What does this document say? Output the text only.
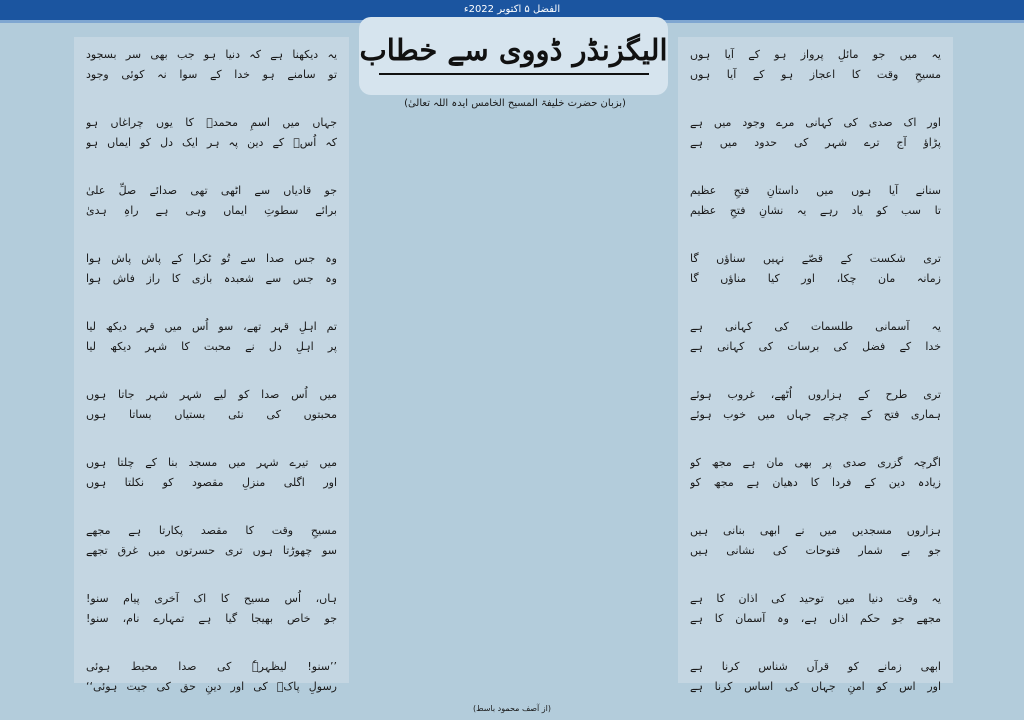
الفضل ۵ اکتوبر 2022ء
یہ میں جو مائلِ پرواز ہو کے آیا ہوں
مسیحِ وقت کا اعجاز ہو کے آیا ہوں
اور اک صدی کی کہانی مرے وجود میں ہے
پڑاؤ آج ترے شہر کی حدود میں ہے
سنانے آیا ہوں میں داستانِ فتحِ عظیم
تا سب کو یاد رہے یہ نشانِ فتحِ عظیم
تری شکست کے قصّے نہیں سناؤں گا
زمانہ مان چکا، اور کیا مناؤں گا
یہ آسمانی طلسمات کی کہانی ہے
خدا کے فضل کی برسات کی کہانی ہے
تری طرح کے ہزاروں اُٹھے، غروب ہوئے
ہماری فتح کے چرچے جہاں میں خوب ہوئے
اگرچہ گزری صدی پر بھی مان ہے مجھ کو
زیادہ دین کے فردا کا دھیان ہے مجھ کو
ہزاروں مسجدیں میں نے ابھی بنانی ہیں
جو بے شمار فتوحات کی نشانی ہیں
یہ وقت دنیا میں توحید کی اذان کا ہے
مجھے جو حکم اذاں ہے، وہ آسمان کا ہے
ابھی زمانے کو قرآں شناس کرنا ہے
اور اس کو امنِ جہاں کی اساس کرنا ہے
الیگزنڈر ڈووی سے خطاب
(بزبان حضرت خلیفۃ المسیح الخامس ایدہ اللہ تعالیٰ)
یہ دیکھنا ہے کہ دنیا ہو جب بھی سر بسجود
تو سامنے ہو خدا کے سوا نہ کوئی وجود
جہاں میں اسمِ محمدؐ کا یوں چراغاں ہو
کہ اُسؐ کے دین پہ ہر ایک دل کو ایماں ہو
جو قادیاں سے اٹھی تھی صدائے صلِّ علیٰ
برائے سطوتِ ایماں وہی ہے راہِ ہدیٰ
وہ جس صدا سے تُو ٹکرا کے پاش پاش ہوا
وہ جس سے شعبدہ بازی کا راز فاش ہوا
تم اہلِ قہر تھے، سو اُس میں قہر دیکھ لیا
پر اہلِ دل نے محبت کا شہر دیکھ لیا
میں اُس صدا کو لیے شہر شہر جاتا ہوں
محبتوں کی نئی بستیاں بساتا ہوں
میں تیرے شہر میں مسجد بنا کے چلتا ہوں
اور اگلی منزلِ مقصود کو نکلتا ہوں
مسیحِ وقت کا مقصد پکارتا ہے مجھے
سو چھوڑتا ہوں تری حسرتوں میں غرق تجھے
ہاں، اُس مسیح کا اک آخری پیام سنو!
جو خاص بھیجا گیا ہے تمہارے نام، سنو!
’’سنو! لیظہرہٗ کی صدا محیط ہوئی
رسولِ پاکؐ کی اور دینِ حق کی جیت ہوئی‘‘
(از آصف محمود باسط)
